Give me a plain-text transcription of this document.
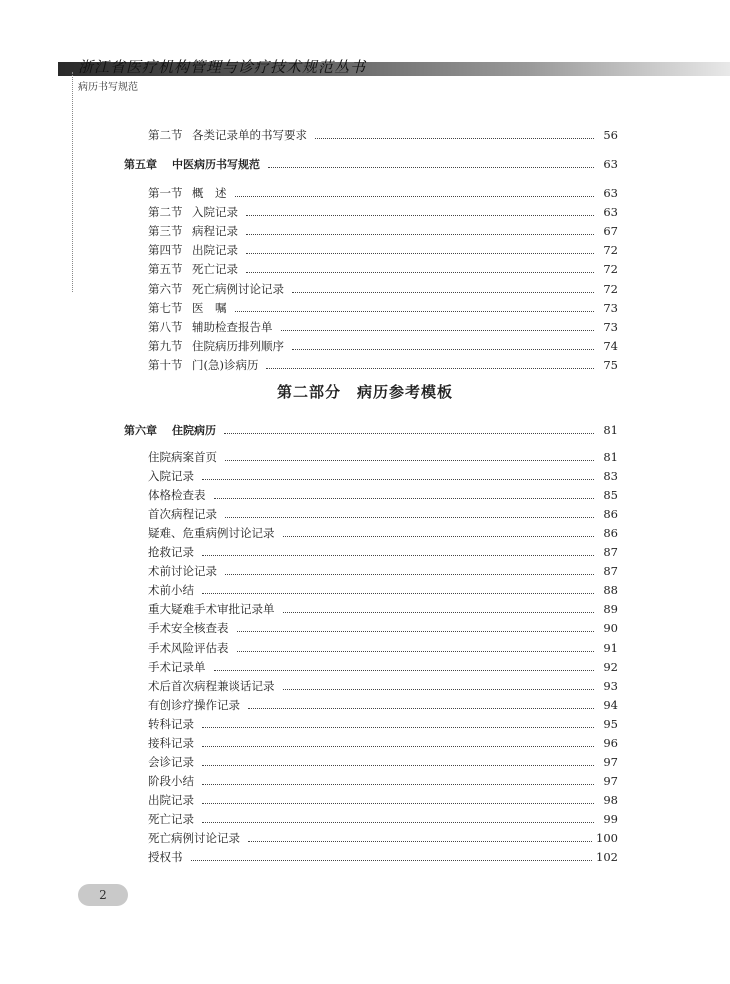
浙江省医疗机构管理与诊疗技术规范丛书
病历书写规范
第二节 各类记录单的书写要求	56
第五章 中医病历书写规范	63
第一节 概　述	63
第二节 入院记录	63
第三节 病程记录	67
第四节 出院记录	72
第五节 死亡记录	72
第六节 死亡病例讨论记录	72
第七节 医　嘱	73
第八节 辅助检查报告单	73
第九节 住院病历排列顺序	74
第十节 门(急)诊病历	75
第二部分　病历参考模板
第六章 住院病历	81
住院病案首页	81
入院记录	83
体格检查表	85
首次病程记录	86
疑难、危重病例讨论记录	86
抢救记录	87
术前讨论记录	87
术前小结	88
重大疑难手术审批记录单	89
手术安全核查表	90
手术风险评估表	91
手术记录单	92
术后首次病程兼谈话记录	93
有创诊疗操作记录	94
转科记录	95
接科记录	96
会诊记录	97
阶段小结	97
出院记录	98
死亡记录	99
死亡病例讨论记录	100
授权书	102
2
